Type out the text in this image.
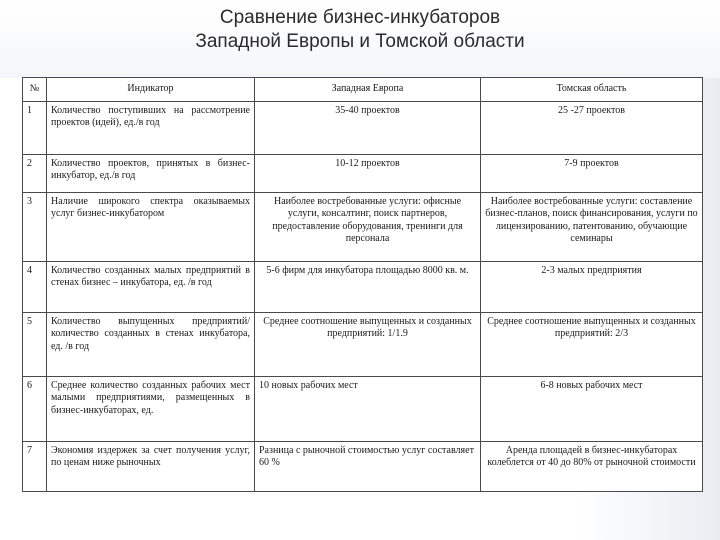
Сравнение бизнес-инкубаторов
Западной Европы и Томской области
№	Индикатор	Западная Европа	Томская область
1	Количество поступивших на рассмотрение проектов (идей), ед./в год	35-40 проектов	25 -27 проектов
2	Количество проектов, принятых в бизнес-инкубатор, ед./в год	10-12 проектов	7-9 проектов
3	Наличие широкого спектра оказываемых услуг бизнес-инкубатором	Наиболее востребованные услуги: офисные услуги, консалтинг, поиск партнеров, предоставление оборудования, тренинги для персонала	Наиболее востребованные услуги: составление бизнес-планов, поиск финансирования, услуги по лицензированию, патентованию, обучающие семинары
4	Количество созданных малых предприятий в стенах бизнес – инкубатора, ед. /в год	5-6 фирм для инкубатора площадью 8000 кв. м.	2-3 малых предприятия
5	Количество выпущенных предприятий/количество созданных в стенах инкубатора, ед. /в год	Среднее соотношение выпущенных и созданных предприятий: 1/1.9	Среднее соотношение выпущенных и созданных предприятий: 2/3
6	Среднее количество созданных рабочих мест малыми предприятиями, размещенных в бизнес-инкубаторах, ед.	10 новых рабочих мест	6-8 новых рабочих мест
7	Экономия издержек за счет получения услуг, по ценам ниже рыночных	Разница с рыночной стоимостью услуг составляет 60 %	Аренда площадей в бизнес-инкубаторах колеблется от 40 до 80% от рыночной стоимости
